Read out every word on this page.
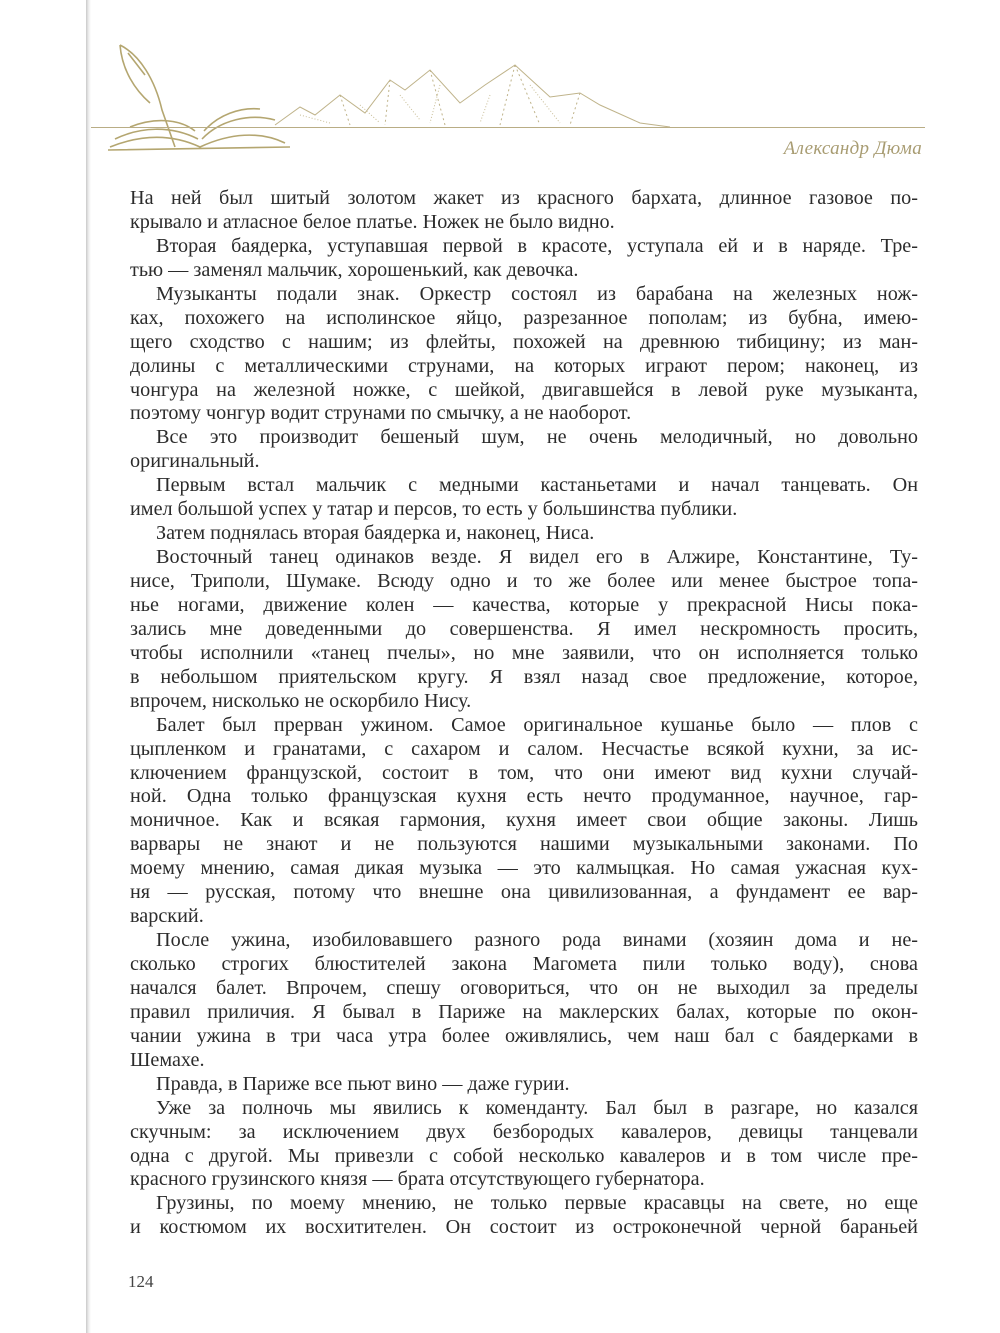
Александр Дюма
На ней был шитый золотом жакет из красного бархата, длинное газовое по-
крывало и атласное белое платье. Ножек не было видно.
Вторая баядерка, уступавшая первой в красоте, уступала ей и в наряде. Тре-
тью — заменял мальчик, хорошенький, как девочка.
Музыканты подали знак. Оркестр состоял из барабана на железных нож-
ках, похожего на исполинское яйцо, разрезанное пополам; из бубна, имею-
щего сходство с нашим; из флейты, похожей на древнюю тибицину; из ман-
долины с металлическими струнами, на которых играют пером; наконец, из
чонгура на железной ножке, с шейкой, двигавшейся в левой руке музыканта,
поэтому чонгур водит струнами по смычку, а не наоборот.
Все это производит бешеный шум, не очень мелодичный, но довольно
оригинальный.
Первым встал мальчик с медными кастаньетами и начал танцевать. Он
имел большой успех у татар и персов, то есть у большинства публики.
Затем поднялась вторая баядерка и, наконец, Ниса.
Восточный танец одинаков везде. Я видел его в Алжире, Константине, Ту-
нисе, Триполи, Шумаке. Всюду одно и то же более или менее быстрое топа-
нье ногами, движение колен — качества, которые у прекрасной Нисы пока-
зались мне доведенными до совершенства. Я имел нескромность просить,
чтобы исполнили «танец пчелы», но мне заявили, что он исполняется только
в небольшом приятельском кругу. Я взял назад свое предложение, которое,
впрочем, нисколько не оскорбило Нису.
Балет был прерван ужином. Самое оригинальное кушанье было — плов с
цыпленком и гранатами, с сахаром и салом. Несчастье всякой кухни, за ис-
ключением французской, состоит в том, что они имеют вид кухни случай-
ной. Одна только французская кухня есть нечто продуманное, научное, гар-
моничное. Как и всякая гармония, кухня имеет свои общие законы. Лишь
варвары не знают и не пользуются нашими музыкальными законами. По
моему мнению, самая дикая музыка — это калмыцкая. Но самая ужасная кух-
ня — русская, потому что внешне она цивилизованная, а фундамент ее вар-
варский.
После ужина, изобиловавшего разного рода винами (хозяин дома и не-
сколько строгих блюстителей закона Магомета пили только воду), снова
начался балет. Впрочем, спешу оговориться, что он не выходил за пределы
правил приличия. Я бывал в Париже на маклерских балах, которые по окон-
чании ужина в три часа утра более оживлялись, чем наш бал с баядерками в
Шемахе.
Правда, в Париже все пьют вино — даже гурии.
Уже за полночь мы явились к коменданту. Бал был в разгаре, но казался
скучным: за исключением двух безбородых кавалеров, девицы танцевали
одна с другой. Мы привезли с собой несколько кавалеров и в том числе пре-
красного грузинского князя — брата отсутствующего губернатора.
Грузины, по моему мнению, не только первые красавцы на свете, но еще
и костюмом их восхитителен. Он состоит из остроконечной черной бараньей
124
